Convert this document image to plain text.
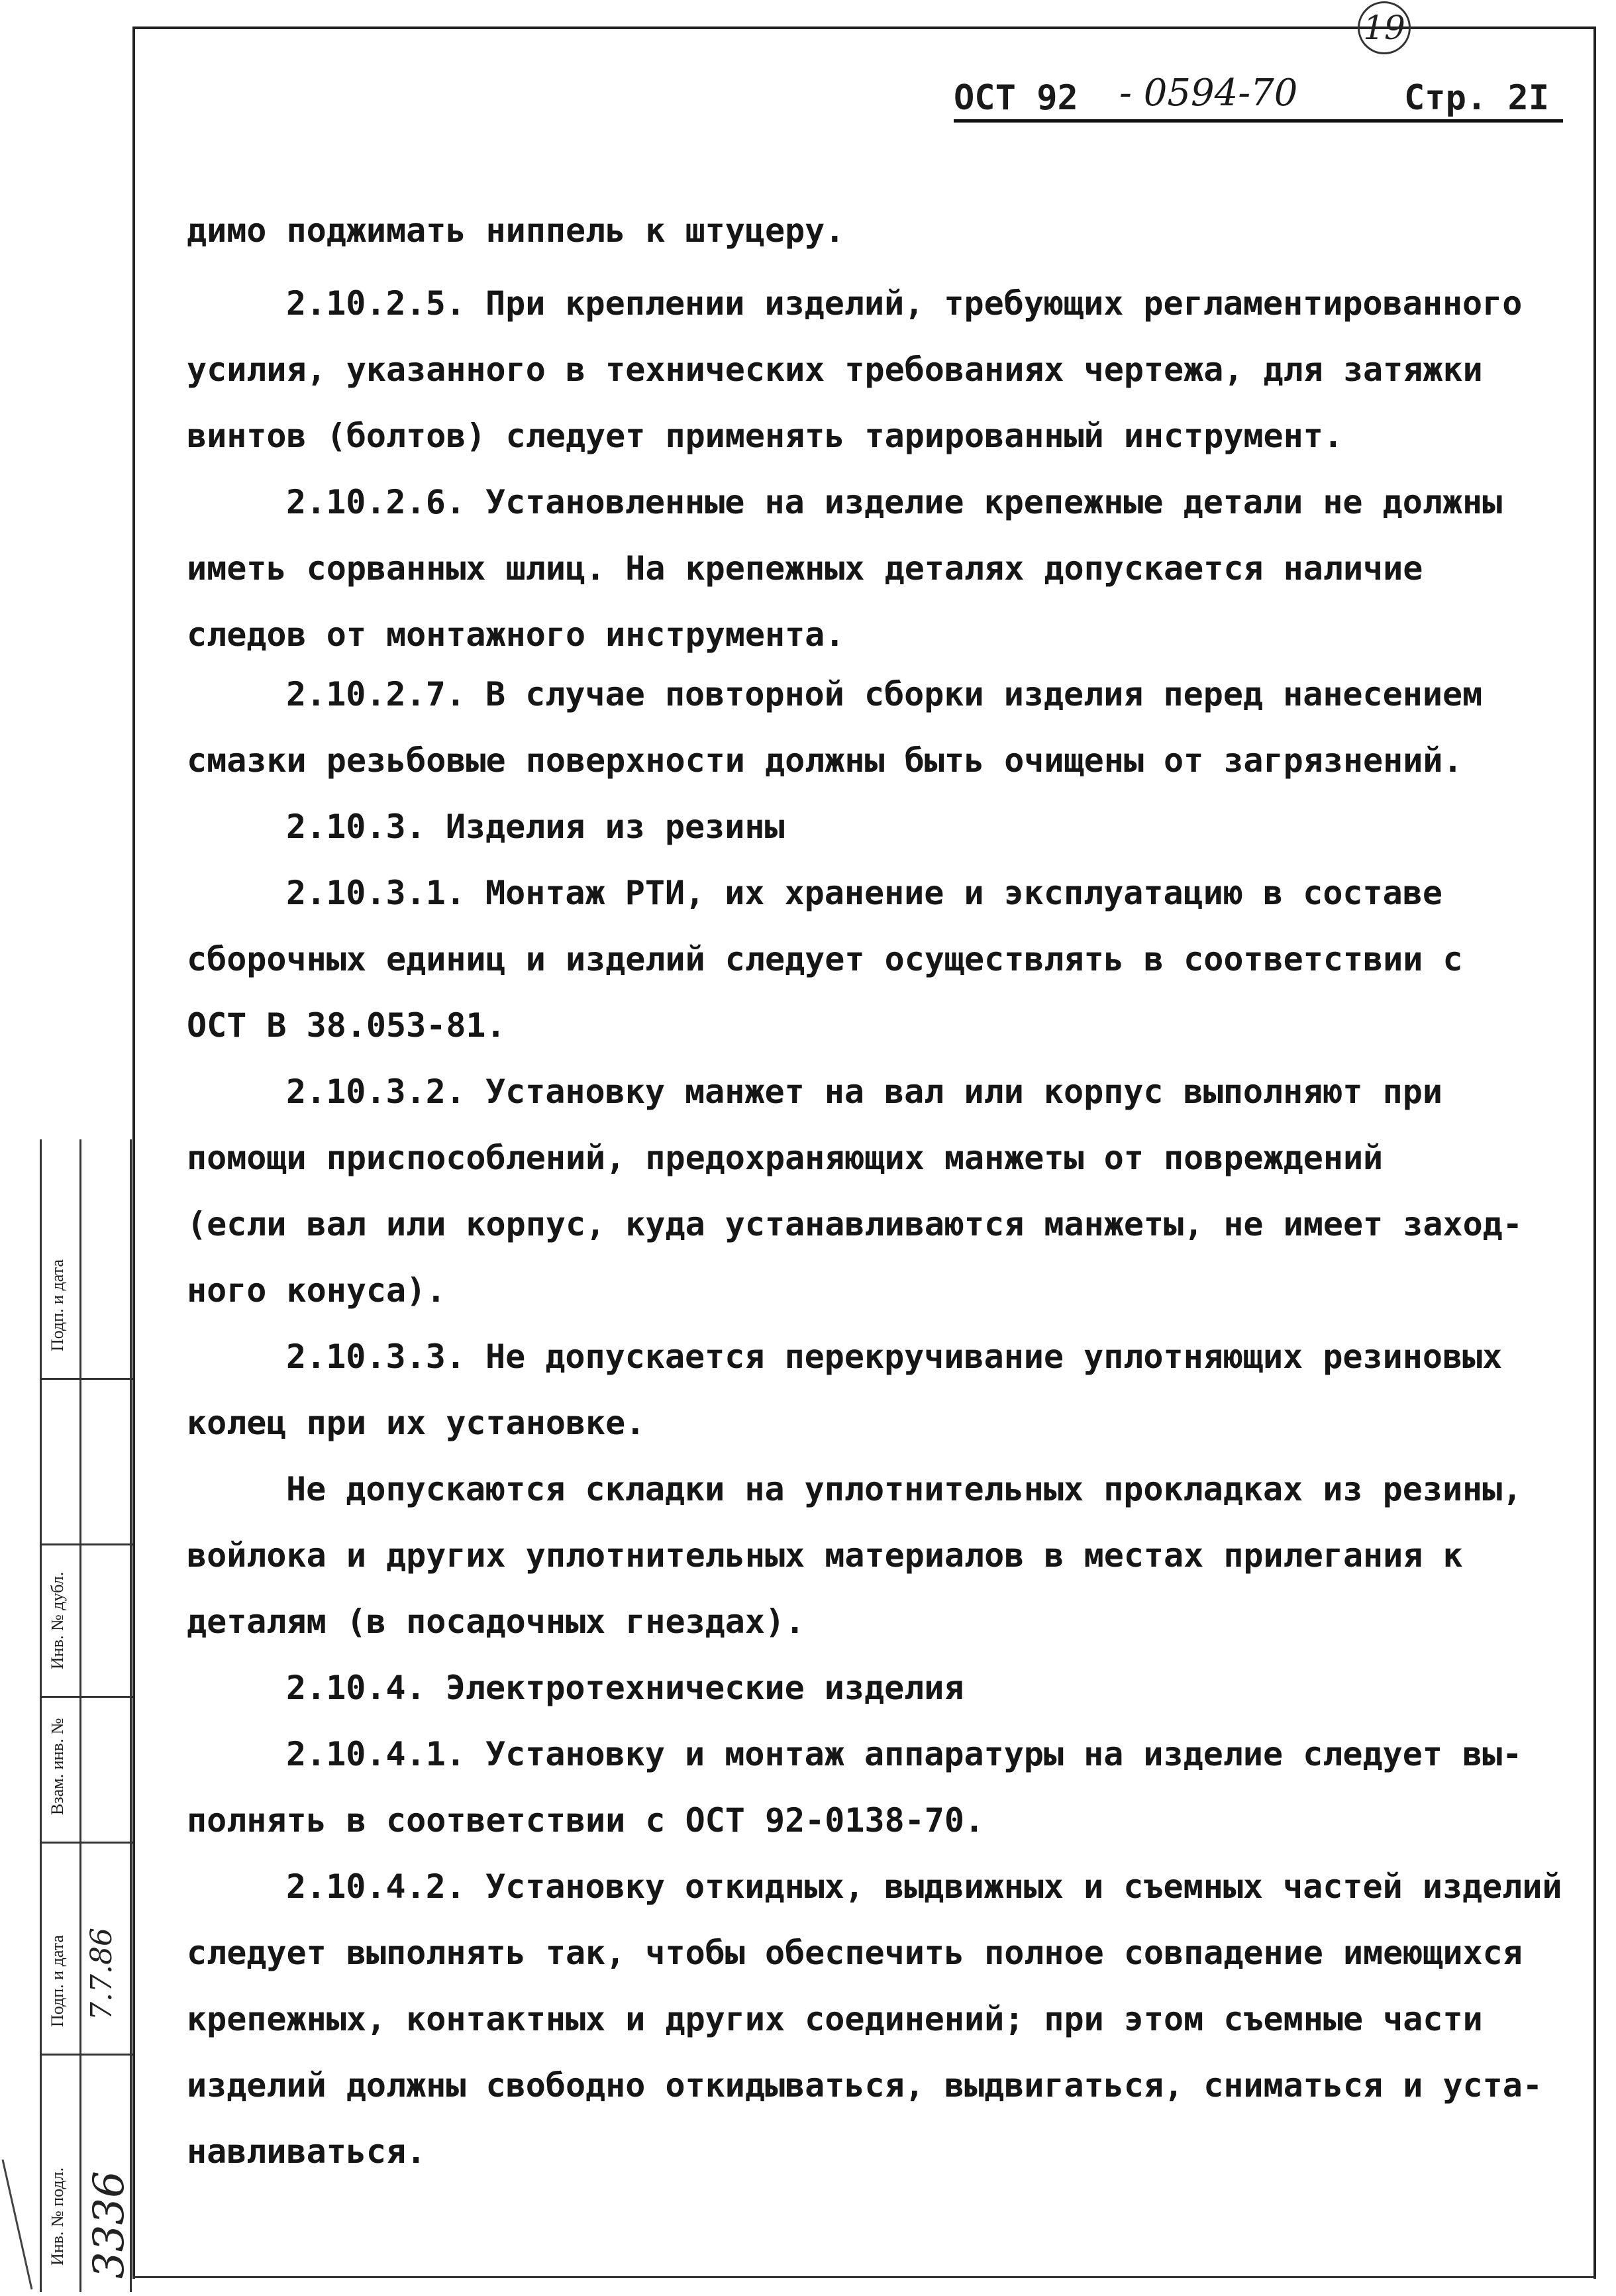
19
ОСТ 92 - 0594-70	Стр. 2I
димо поджимать ниппель к штуцеру.
2.10.2.5. При креплении изделий, требующих регламентированного
усилия, указанного в технических требованиях чертежа, для затяжки
винтов (болтов) следует применять тарированный инструмент.
2.10.2.6. Установленные на изделие крепежные детали не должны
иметь сорванных шлиц. На крепежных деталях допускается наличие
следов от монтажного инструмента.
2.10.2.7. В случае повторной сборки изделия перед нанесением
смазки резьбовые поверхности должны быть очищены от загрязнений.
2.10.3. Изделия из резины
2.10.3.1. Монтаж РТИ, их хранение и эксплуатацию в составе
сборочных единиц и изделий следует осуществлять в соответствии с
ОСТ В 38.053-81.
2.10.3.2. Установку манжет на вал или корпус выполняют при
помощи приспособлений, предохраняющих манжеты от повреждений
(если вал или корпус, куда устанавливаются манжеты, не имеет заход-
ного конуса).
2.10.3.3. Не допускается перекручивание уплотняющих резиновых
колец при их установке.
Не допускаются складки на уплотнительных прокладках из резины,
войлока и других уплотнительных материалов в местах прилегания к
деталям (в посадочных гнездах).
2.10.4. Электротехнические изделия
2.10.4.1. Установку и монтаж аппаратуры на изделие следует вы-
полнять в соответствии с ОСТ 92-0138-70.
2.10.4.2. Установку откидных, выдвижных и съемных частей изделий
следует выполнять так, чтобы обеспечить полное совпадение имеющихся
крепежных, контактных и других соединений; при этом съемные части
изделий должны свободно откидываться, выдвигаться, сниматься и уста-
навливаться.
Инв. № подл.
Подп. и дата
Взам. инв. №
Инв. № дубл.
Подп. и дата
3336
7.7.86
